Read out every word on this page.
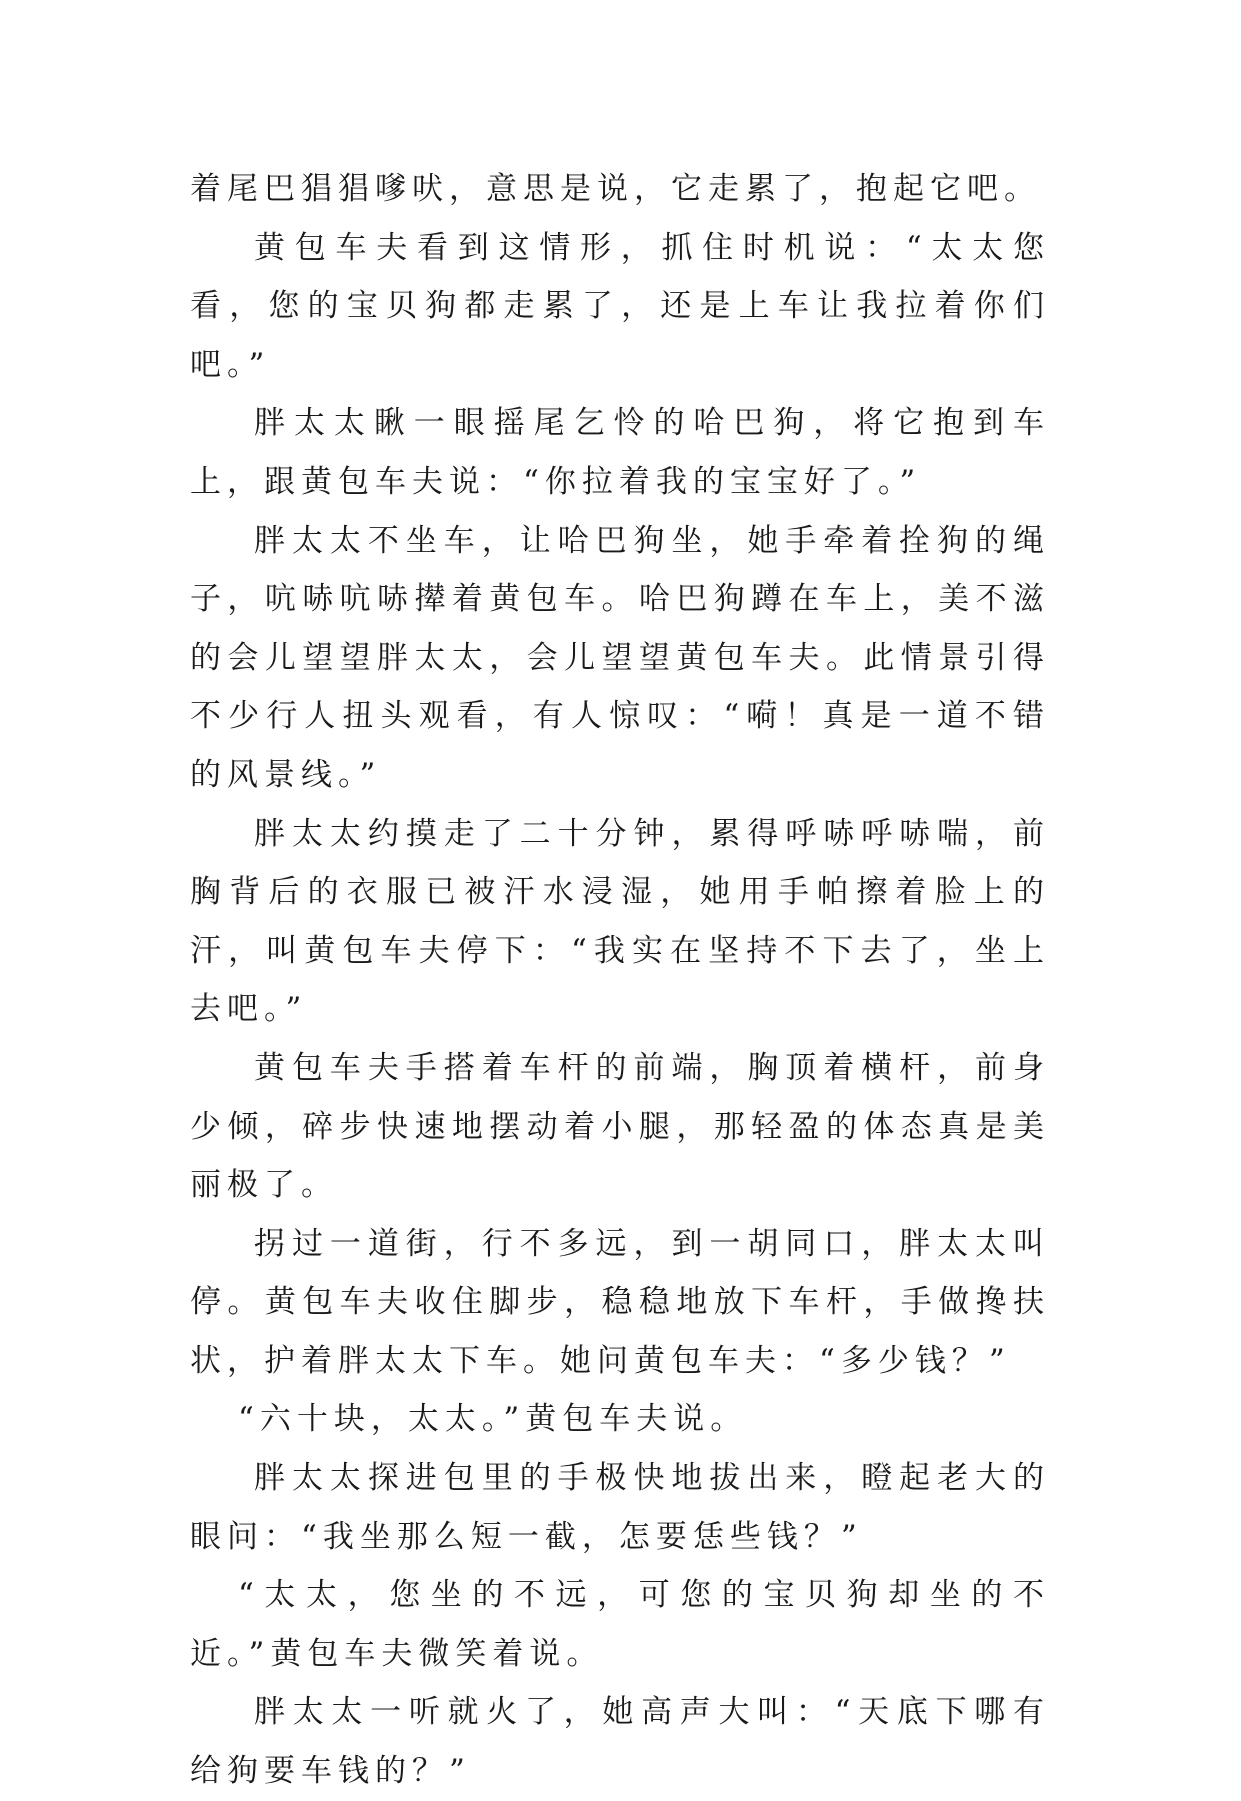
着尾巴猖猖嗲吠，意思是说，它走累了，抱起它吧。

黄包车夫看到这情形，抓住时机说：“太太您看，您的宝贝狗都走累了，还是上车让我拉着你们吧。”

胖太太瞅一眼摇尾乞怜的哈巴狗，将它抱到车上，跟黄包车夫说：“你拉着我的宝宝好了。”

胖太太不坐车，让哈巴狗坐，她手牵着拴狗的绳子，吭哧吭哧撵着黄包车。哈巴狗蹲在车上，美不滋的会儿望望胖太太，会儿望望黄包车夫。此情景引得不少行人扭头观看，有人惊叹：“嗬！真是一道不错的风景线。”

胖太太约摸走了二十分钟，累得呼哧呼哧喘，前胸背后的衣服已被汗水浸湿，她用手帕擦着脸上的汗，叫黄包车夫停下：“我实在坚持不下去了，坐上去吧。”

黄包车夫手搭着车杆的前端，胸顶着横杆，前身少倾，碎步快速地摆动着小腿，那轻盈的体态真是美丽极了。

拐过一道街，行不多远，到一胡同口，胖太太叫停。黄包车夫收住脚步，稳稳地放下车杆，手做搀扶状，护着胖太太下车。她问黄包车夫：“多少钱？”

“六十块，太太。”黄包车夫说。

胖太太探进包里的手极快地拔出来，瞪起老大的眼问：“我坐那么短一截，怎要恁些钱？”

“太太，您坐的不远，可您的宝贝狗却坐的不近。”黄包车夫微笑着说。

胖太太一听就火了，她高声大叫：“天底下哪有给狗要车钱的？”
